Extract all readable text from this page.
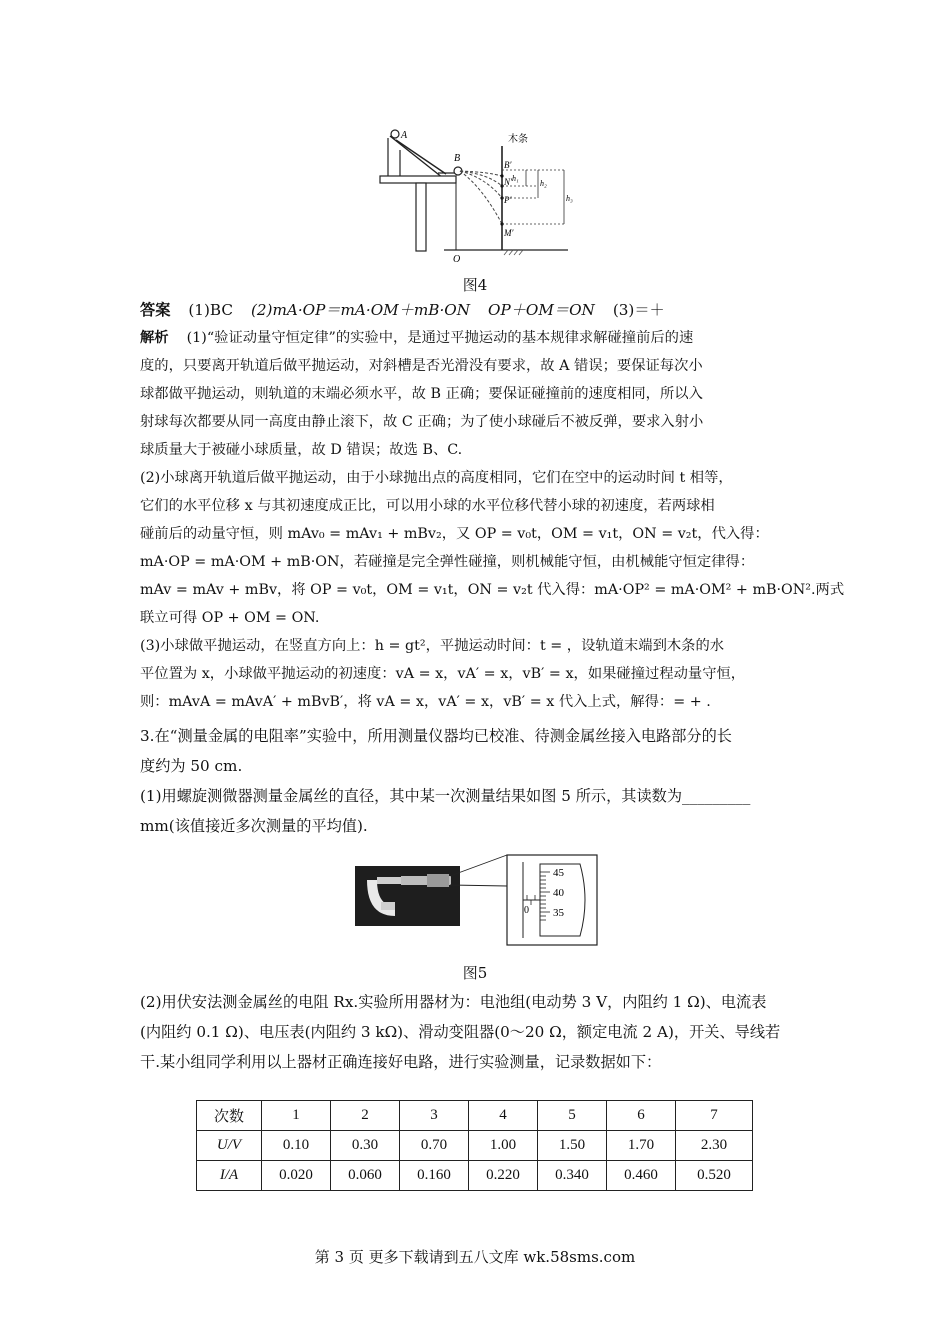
A
B
O
木条
B′
N′
P′
M′
h₁
h₂
h₃
图4
答案 (1)BC (2)mA·OP＝mA·OM＋mB·ON OP＋OM＝ON (3)＝＋
解析 (1)“验证动量守恒定律”的实验中，是通过平抛运动的基本规律求解碰撞前后的速
度的，只要离开轨道后做平抛运动，对斜槽是否光滑没有要求，故 A 错误；要保证每次小
球都做平抛运动，则轨道的末端必须水平，故 B 正确；要保证碰撞前的速度相同，所以入
射球每次都要从同一高度由静止滚下，故 C 正确；为了使小球碰后不被反弹，要求入射小
球质量大于被碰小球质量，故 D 错误；故选 B、C.
(2)小球离开轨道后做平抛运动，由于小球抛出点的高度相同，它们在空中的运动时间 t 相等，
它们的水平位移 x 与其初速度成正比，可以用小球的水平位移代替小球的初速度，若两球相
碰前后的动量守恒，则 mAv₀ = mAv₁ + mBv₂，又 OP = v₀t，OM = v₁t，ON = v₂t，代入得：
mA·OP = mA·OM + mB·ON，若碰撞是完全弹性碰撞，则机械能守恒，由机械能守恒定律得：
mAv = mAv + mBv，将 OP = v₀t，OM = v₁t，ON = v₂t 代入得：mA·OP² = mA·OM² + mB·ON².两式
联立可得 OP + OM = ON.
(3)小球做平抛运动，在竖直方向上：h = gt²，平抛运动时间：t = ，设轨道末端到木条的水
平位置为 x，小球做平抛运动的初速度：vA = x，vA′ = x，vB′ = x，如果碰撞过程动量守恒，
则：mAvA = mAvA′ + mBvB′，将 vA = x，vA′ = x，vB′ = x 代入上式，解得：= + .
3.在“测量金属的电阻率”实验中，所用测量仪器均已校准、待测金属丝接入电路部分的长
度约为 50 cm.
(1)用螺旋测微器测量金属丝的直径，其中某一次测量结果如图 5 所示，其读数为_________
mm(该值接近多次测量的平均值).
45
40
35
0
图5
(2)用伏安法测金属丝的电阻 Rx.实验所用器材为：电池组(电动势 3 V，内阻约 1 Ω)、电流表
(内阻约 0.1 Ω)、电压表(内阻约 3 kΩ)、滑动变阻器(0～20 Ω，额定电流 2 A)，开关、导线若
干.某小组同学利用以上器材正确连接好电路，进行实验测量，记录数据如下：
次数	1	2	3	4	5	6	7
U/V	0.10	0.30	0.70	1.00	1.50	1.70	2.30
I/A	0.020	0.060	0.160	0.220	0.340	0.460	0.520
第 3 页 更多下载请到五八文库 wk.58sms.com
